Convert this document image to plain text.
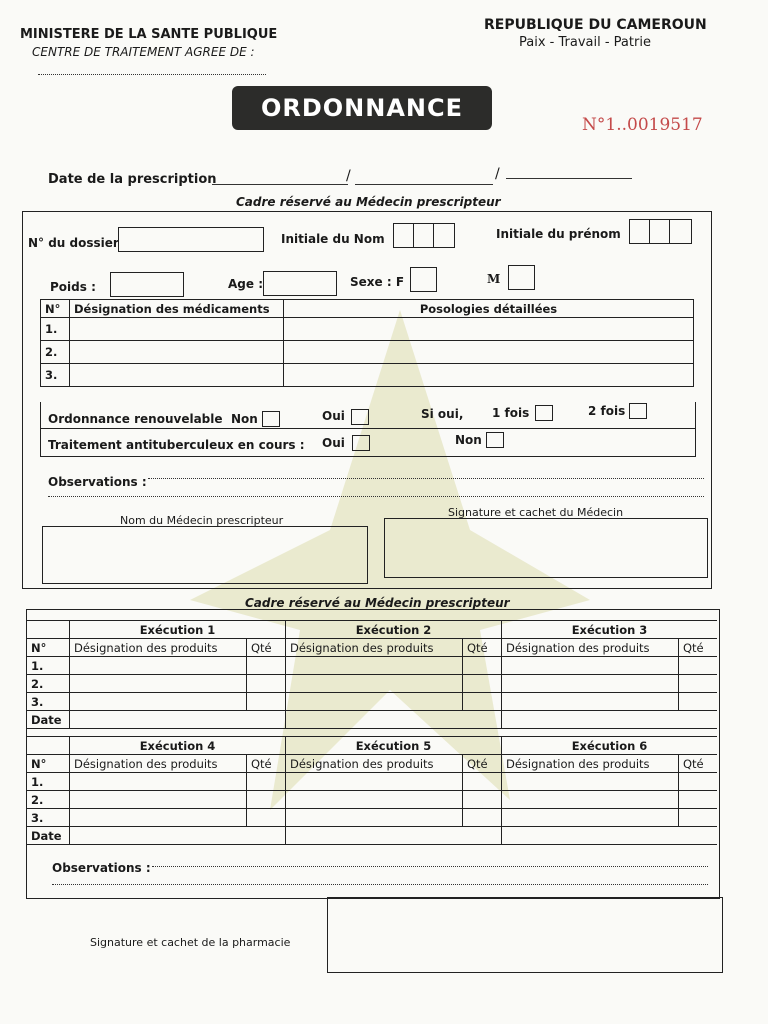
MINISTERE DE LA SANTE PUBLIQUE
CENTRE DE TRAITEMENT AGREE DE :
REPUBLIQUE DU CAMEROUN
Paix - Travail - Patrie
ORDONNANCE
N°1..0019517
Date de la prescription	/	/
Cadre réservé au Médecin prescripteur
N° du dossier	Initiale du Nom	Initiale du prénom
Poids :	Age :	Sexe : F	M
N°	Désignation des médicaments	Posologies détaillées
1.		
2.		
3.		
Ordonnance renouvelable Non	Oui	Si oui, 1 fois	2 fois
Traitement antituberculeux en cours : Oui	Non
Observations :
Nom du Médecin prescripteur
Signature et cachet du Médecin
Cadre réservé au Médecin prescripteur
	Exécution 1		Exécution 2		Exécution 3	
N°	Désignation des produits	Qté	Désignation des produits	Qté	Désignation des produits	Qté
1.						
2.						
3.						
Date						
	Exécution 4		Exécution 5		Exécution 6	
N°	Désignation des produits	Qté	Désignation des produits	Qté	Désignation des produits	Qté
1.						
2.						
3.						
Date						
Observations :
Signature et cachet de la pharmacie
